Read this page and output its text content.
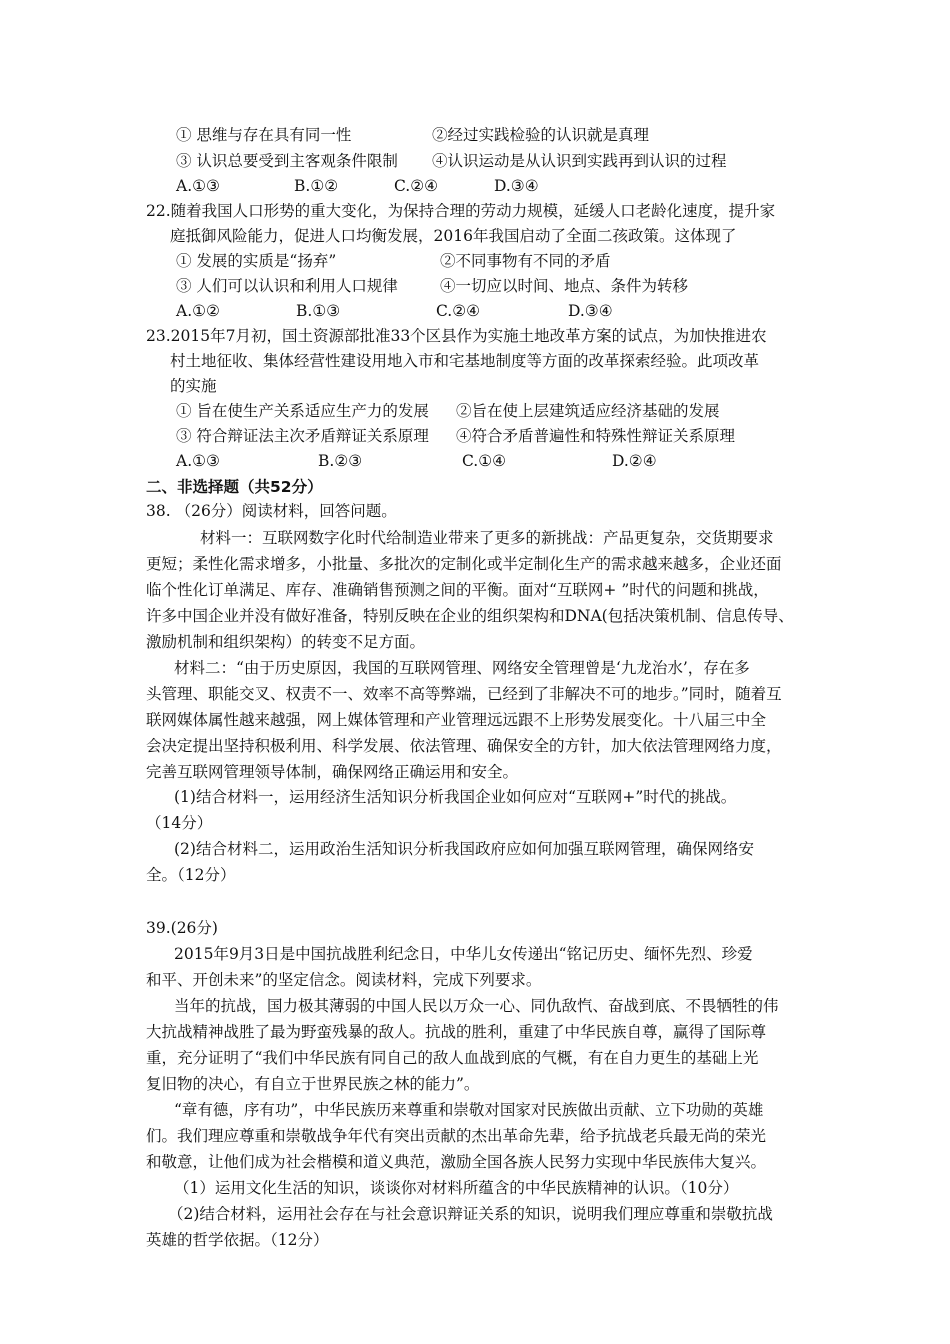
① 思维与存在具有同一性	②经过实践检验的认识就是真理
③ 认识总要受到主客观条件限制 ④认识运动是从认识到实践再到认识的过程
A.①③	B.①②	C.②④	D.③④
22.随着我国人口形势的重大变化，为保持合理的劳动力规模，延缓人口老龄化速度，提升家
庭抵御风险能力，促进人口均衡发展，2016年我国启动了全面二孩政策。这体现了
① 发展的实质是“扬弃”	②不同事物有不同的矛盾
③ 人们可以认识和利用人口规律	④一切应以时间、地点、条件为转移
A.①②	B.①③	C.②④	D.③④
23.2015年7月初，国土资源部批准33个区县作为实施土地改革方案的试点，为加快推进农
村土地征收、集体经营性建设用地入市和宅基地制度等方面的改革探索经验。此项改革
的实施
① 旨在使生产关系适应生产力的发展 ②旨在使上层建筑适应经济基础的发展
③ 符合辩证法主次矛盾辩证关系原理 ④符合矛盾普遍性和特殊性辩证关系原理
A.①③	B.②③	C.①④	D.②④
二、非选择题（共52分）
38. （26分）阅读材料，回答问题。
材料一：互联网数字化时代给制造业带来了更多的新挑战：产品更复杂，交货期要求
更短；柔性化需求增多，小批量、多批次的定制化或半定制化生产的需求越来越多，企业还面
临个性化订单满足、库存、准确销售预测之间的平衡。面对“互联网+ ”时代的问题和挑战，
许多中国企业并没有做好准备，特别反映在企业的组织架构和DNA(包括决策机制、信息传导、
激励机制和组织架构）的转变不足方面。
材料二：“由于历史原因，我国的互联网管理、网络安全管理曾是‘九龙治水’，存在多
头管理、职能交叉、权责不一、效率不高等弊端，已经到了非解决不可的地步。”同时，随着互
联网媒体属性越来越强，网上媒体管理和产业管理远远跟不上形势发展变化。十八届三中全
会决定提出坚持积极利用、科学发展、依法管理、确保安全的方针，加大依法管理网络力度，
完善互联网管理领导体制，确保网络正确运用和安全。
(1)结合材料一，运用经济生活知识分析我国企业如何应对“互联网+”时代的挑战。
（14分）
(2)结合材料二，运用政治生活知识分析我国政府应如何加强互联网管理，确保网络安
全。（12分）
39.(26分)
2015年9月3日是中国抗战胜利纪念日，中华儿女传递出“铭记历史、缅怀先烈、珍爱
和平、开创未来”的坚定信念。阅读材料，完成下列要求。
当年的抗战，国力极其薄弱的中国人民以万众一心、同仇敌忾、奋战到底、不畏牺牲的伟
大抗战精神战胜了最为野蛮残暴的敌人。抗战的胜利，重建了中华民族自尊，赢得了国际尊
重，充分证明了“我们中华民族有同自己的敌人血战到底的气概，有在自力更生的基础上光
复旧物的决心，有自立于世界民族之林的能力”。
“章有德，序有功”，中华民族历来尊重和崇敬对国家对民族做出贡献、立下功勋的英雄
们。我们理应尊重和崇敬战争年代有突出贡献的杰出革命先辈，给予抗战老兵最无尚的荣光
和敬意，让他们成为社会楷模和道义典范，激励全国各族人民努力实现中华民族伟大复兴。
（1）运用文化生活的知识，谈谈你对材料所蕴含的中华民族精神的认识。（10分）
（2)结合材料，运用社会存在与社会意识辩证关系的知识，说明我们理应尊重和崇敬抗战
英雄的哲学依据。（12分）
